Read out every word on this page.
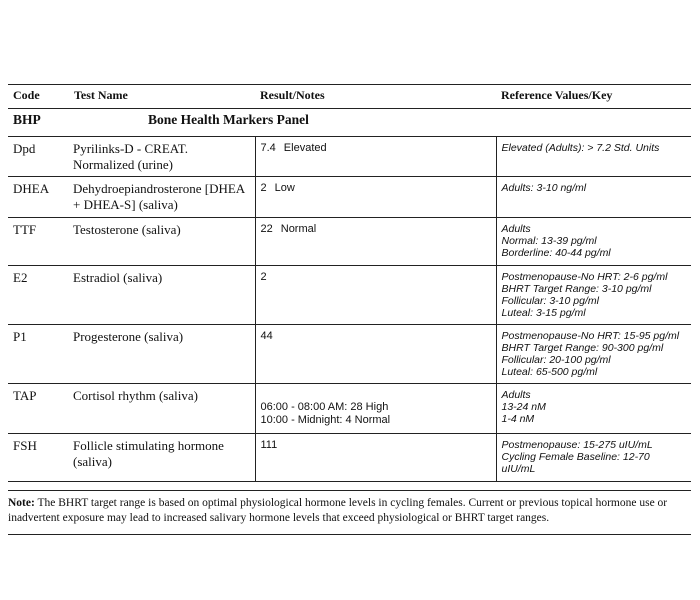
Code	Test Name	Result/Notes	Reference Values/Key
BHP	Bone Health Markers Panel		
Dpd	Pyrilinks-D - CREAT. Normalized (urine)	7.4 Elevated	Elevated (Adults): > 7.2 Std. Units

DHEA	Dehydroepiandrosterone [DHEA + DHEA-S] (saliva)	2 Low	Adults: 3-10 ng/ml

TTF	Testosterone (saliva)	22 Normal	Adults
Normal: 13-39 pg/ml
Borderline: 40-44 pg/ml

E2	Estradiol (saliva)	2	Postmenopause-No HRT: 2-6 pg/ml
BHRT Target Range: 3-10 pg/ml
Follicular: 3-10 pg/ml
Luteal: 3-15 pg/ml

P1	Progesterone (saliva)	44	Postmenopause-No HRT: 15-95 pg/ml
BHRT Target Range: 90-300 pg/ml
Follicular: 20-100 pg/ml
Luteal: 65-500 pg/ml

TAP	Cortisol rhythm (saliva)	06:00 - 08:00 AM: 28 High
10:00 - Midnight: 4 Normal	Adults
13-24 nM
1-4 nM

FSH	Follicle stimulating hormone (saliva)	111	Postmenopause: 15-275 uIU/mL
Cycling Female Baseline: 12-70
uIU/mL
Note: The BHRT target range is based on optimal physiological hormone levels in cycling females. Current or previous topical hormone use or inadvertent exposure may lead to increased salivary hormone levels that exceed physiological or BHRT target ranges.
